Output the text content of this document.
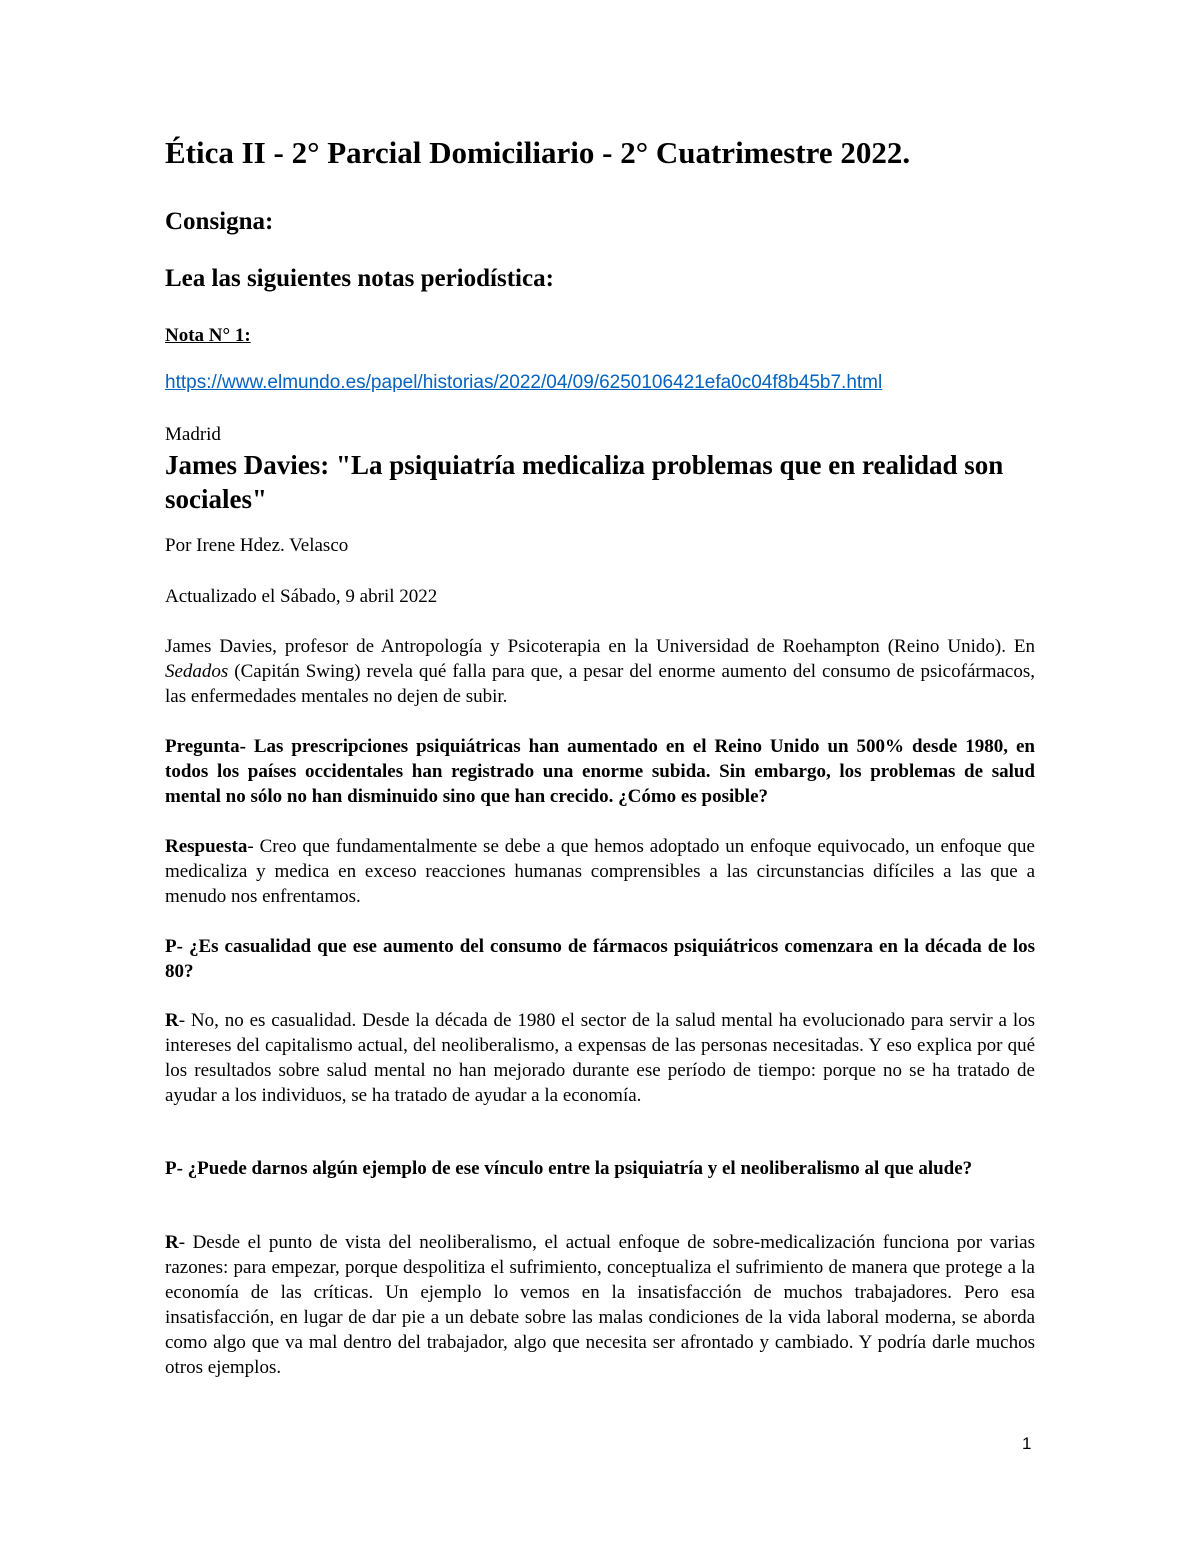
Ética II - 2° Parcial Domiciliario - 2° Cuatrimestre 2022.
Consigna:
Lea las siguientes notas periodística:
Nota N° 1:
https://www.elmundo.es/papel/historias/2022/04/09/6250106421efa0c04f8b45b7.html
Madrid
James Davies: "La psiquiatría medicaliza problemas que en realidad son sociales"
Por Irene Hdez. Velasco
Actualizado el Sábado, 9 abril 2022

James Davies, profesor de Antropología y Psicoterapia en la Universidad de Roehampton (Reino Unido). En Sedados (Capitán Swing) revela qué falla para que, a pesar del enorme aumento del consumo de psicofármacos, las enfermedades mentales no dejen de subir.

Pregunta- Las prescripciones psiquiátricas han aumentado en el Reino Unido un 500% desde 1980, en todos los países occidentales han registrado una enorme subida. Sin embargo, los problemas de salud mental no sólo no han disminuido sino que han crecido. ¿Cómo es posible?

Respuesta- Creo que fundamentalmente se debe a que hemos adoptado un enfoque equivocado, un enfoque que medicaliza y medica en exceso reacciones humanas comprensibles a las circunstancias difíciles a las que a menudo nos enfrentamos.

P- ¿Es casualidad que ese aumento del consumo de fármacos psiquiátricos comenzara en la década de los 80?

R- No, no es casualidad. Desde la década de 1980 el sector de la salud mental ha evolucionado para servir a los intereses del capitalismo actual, del neoliberalismo, a expensas de las personas necesitadas. Y eso explica por qué los resultados sobre salud mental no han mejorado durante ese período de tiempo: porque no se ha tratado de ayudar a los individuos, se ha tratado de ayudar a la economía.

P- ¿Puede darnos algún ejemplo de ese vínculo entre la psiquiatría y el neoliberalismo al que alude?

R- Desde el punto de vista del neoliberalismo, el actual enfoque de sobre-medicalización funciona por varias razones: para empezar, porque despolitiza el sufrimiento, conceptualiza el sufrimiento de manera que protege a la economía de las críticas. Un ejemplo lo vemos en la insatisfacción de muchos trabajadores. Pero esa insatisfacción, en lugar de dar pie a un debate sobre las malas condiciones de la vida laboral moderna, se aborda como algo que va mal dentro del trabajador, algo que necesita ser afrontado y cambiado. Y podría darle muchos otros ejemplos.

1
